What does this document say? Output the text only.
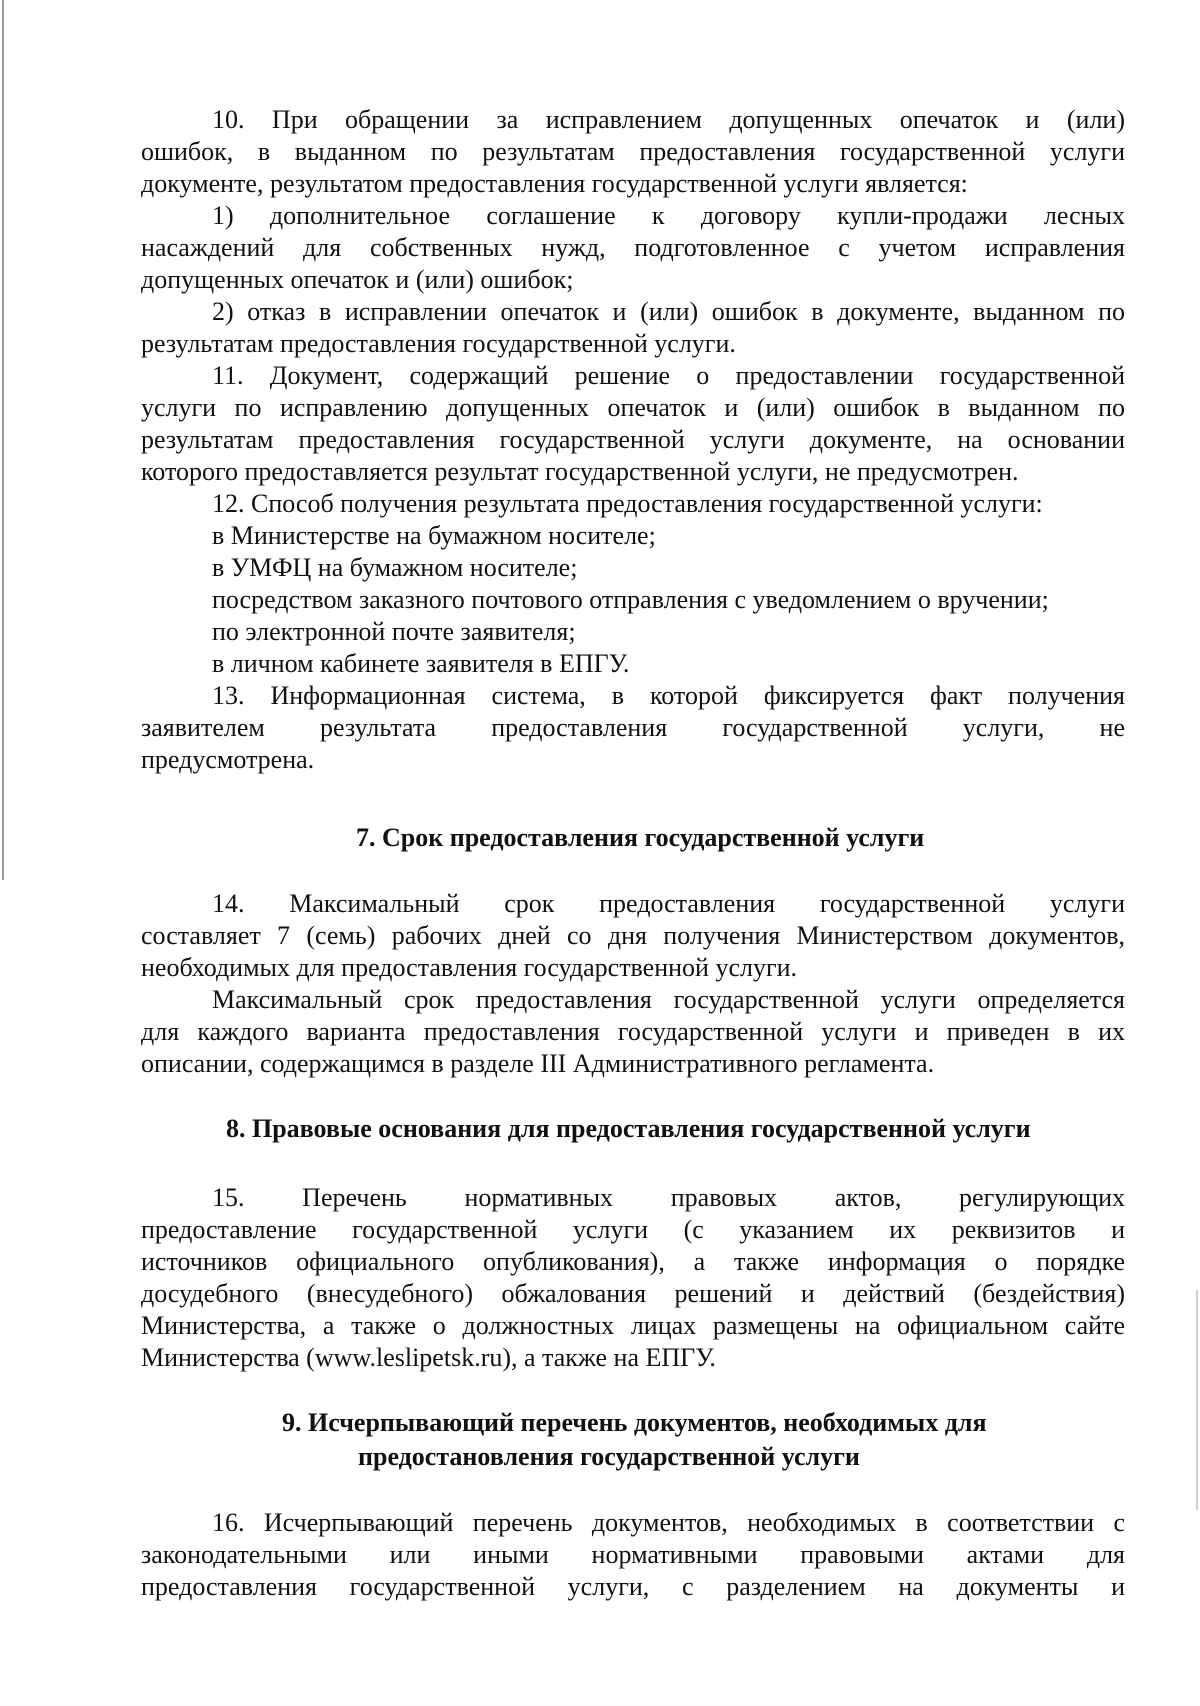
10. При обращении за исправлением допущенных опечаток и (или)
ошибок, в выданном по результатам предоставления государственной услуги
документе, результатом предоставления государственной услуги является:
1) дополнительное соглашение к договору купли-продажи лесных
насаждений для собственных нужд, подготовленное с учетом исправления
допущенных опечаток и (или) ошибок;
2) отказ в исправлении опечаток и (или) ошибок в документе, выданном по
результатам предоставления государственной услуги.
11. Документ, содержащий решение о предоставлении государственной
услуги по исправлению допущенных опечаток и (или) ошибок в выданном по
результатам предоставления государственной услуги документе, на основании
которого предоставляется результат государственной услуги, не предусмотрен.
12. Способ получения результата предоставления государственной услуги:
в Министерстве на бумажном носителе;
в УМФЦ на бумажном носителе;
посредством заказного почтового отправления с уведомлением о вручении;
по электронной почте заявителя;
в личном кабинете заявителя в ЕПГУ.
13. Информационная система, в которой фиксируется факт получения
заявителем результата предоставления государственной услуги, не
предусмотрена.
7. Срок предоставления государственной услуги
14. Максимальный срок предоставления государственной услуги
составляет 7 (семь) рабочих дней со дня получения Министерством документов,
необходимых для предоставления государственной услуги.
Максимальный срок предоставления государственной услуги определяется
для каждого варианта предоставления государственной услуги и приведен в их
описании, содержащимся в разделе III Административного регламента.
8. Правовые основания для предоставления государственной услуги
15. Перечень нормативных правовых актов, регулирующих
предоставление государственной услуги (с указанием их реквизитов и
источников официального опубликования), а также информация о порядке
досудебного (внесудебного) обжалования решений и действий (бездействия)
Министерства, а также о должностных лицах размещены на официальном сайте
Министерства (www.leslipetsk.ru), а также на ЕПГУ.
9. Исчерпывающий перечень документов, необходимых для
предостановления государственной услуги
16. Исчерпывающий перечень документов, необходимых в соответствии с
законодательными или иными нормативными правовыми актами для
предоставления государственной услуги, с разделением на документы и
